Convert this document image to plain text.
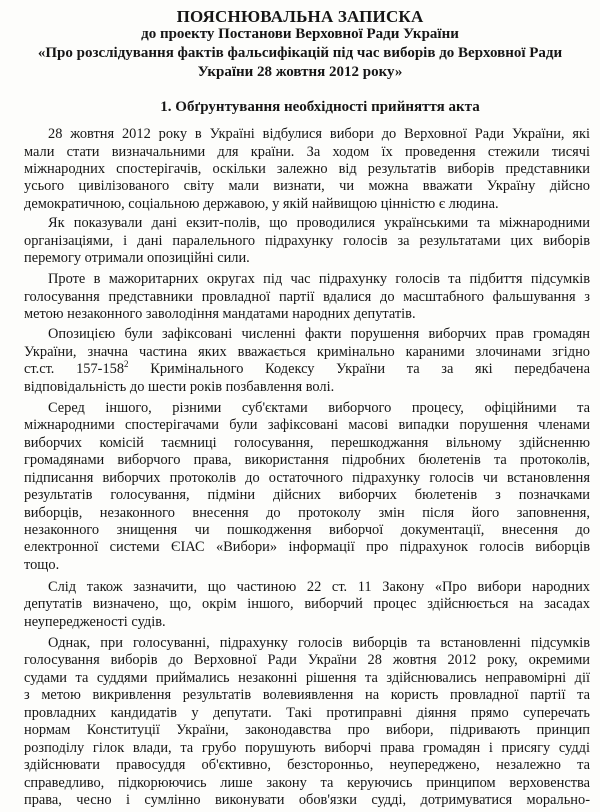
ПОЯСНЮВАЛЬНА ЗАПИСКА
до проекту Постанови Верховної Ради України
«Про розслідування фактів фальсифікацій під час виборів до Верховної Ради
України 28 жовтня 2012 року»
1. Обґрунтування необхідності прийняття акта
28 жовтня 2012 року в Україні відбулися вибори до Верховної Ради України, які
мали стати визначальними для країни. За ходом їх проведення стежили тисячі
міжнародних спостерігачів, оскільки залежно від результатів виборів представники
усього цивілізованого світу мали визнати, чи можна вважати Україну дійсно
демократичною, соціальною державою, у якій найвищою цінністю є людина.
Як показували дані екзит-полів, що проводилися українськими та міжнародними
організаціями, і дані паралельного підрахунку голосів за результатами цих виборів
перемогу отримали опозиційні сили.
Проте в мажоритарних округах під час підрахунку голосів та підбиття підсумків
голосування представники провладної партії вдалися до масштабного фальшування з
метою незаконного заволодіння мандатами народних депутатів.
Опозицією були зафіксовані численні факти порушення виборчих прав громадян
України, значна частина яких вважається кримінально караними злочинами згідно
ст.ст. $157-158^2$ Кримінального Кодексу України та за які передбачена
відповідальність до шести років позбавлення волі.
Серед іншого, різними суб'єктами виборчого процесу, офіційними та
міжнародними спостерігачами були зафіксовані масові випадки порушення членами
виборчих комісій таємниці голосування, перешкоджання вільному здійсненню
громадянами виборчого права, використання підробних бюлетенів та протоколів,
підписання виборчих протоколів до остаточного підрахунку голосів чи встановлення
результатів голосування, підміни дійсних виборчих бюлетенів з позначками
виборців, незаконного внесення до протоколу змін після його заповнення,
незаконного знищення чи пошкодження виборчої документації, внесення до
електронної системи ЄІАС «Вибори» інформації про підрахунок голосів виборців
тощо.
Слід також зазначити, що частиною 22 ст. 11 Закону «Про вибори народних
депутатів визначено, що, окрім іншого, виборчий процес здійснюється на засадах
неупередженості судів.
Однак, при голосуванні, підрахунку голосів виборців та встановленні підсумків
голосування виборів до Верховної Ради України 28 жовтня 2012 року, окремими
судами та суддями приймались незаконні рішення та здійснювались неправомірні дії
з метою викривлення результатів волевиявлення на користь провладної партії та
провладних кандидатів у депутати. Такі протиправні діяння прямо суперечать
нормам Конституції України, законодавства про вибори, підривають принцип
розподілу гілок влади, та грубо порушують виборчі права громадян і присягу судді
здійснювати правосуддя об'єктивно, безсторонньо, неупереджено, незалежно та
справедливо, підкорюючись лише закону та керуючись принципом верховенства
права, чесно і сумлінно виконувати обов'язки судді, дотримуватися морально-
